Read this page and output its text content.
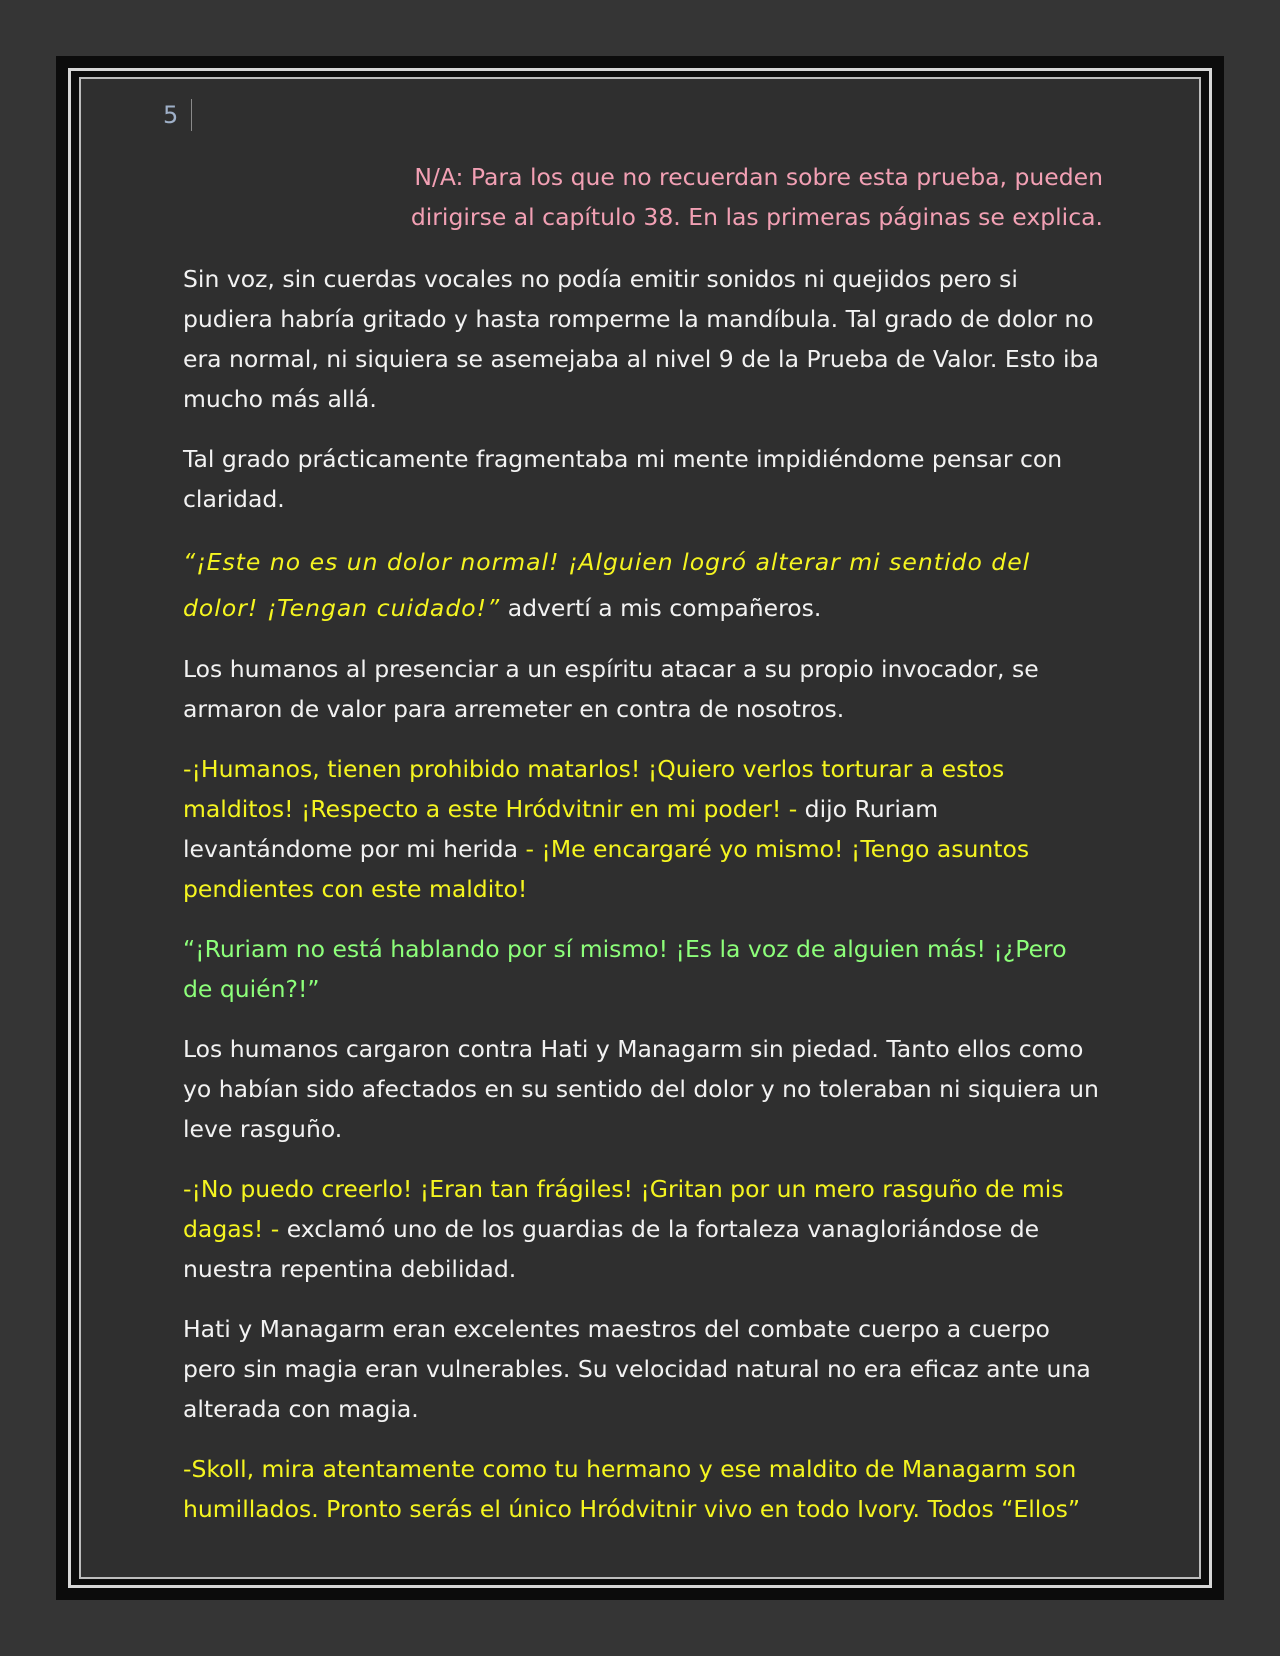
5

N/A: Para los que no recuerdan sobre esta prueba, pueden
dirigirse al capítulo 38. En las primeras páginas se explica.

Sin voz, sin cuerdas vocales no podía emitir sonidos ni quejidos pero si pudiera habría gritado y hasta romperme la mandíbula. Tal grado de dolor no era normal, ni siquiera se asemejaba al nivel 9 de la Prueba de Valor. Esto iba mucho más allá.

Tal grado prácticamente fragmentaba mi mente impidiéndome pensar con claridad.

“¡Este no es un dolor normal! ¡Alguien logró alterar mi sentido del dolor! ¡Tengan cuidado!” advertí a mis compañeros.

Los humanos al presenciar a un espíritu atacar a su propio invocador, se armaron de valor para arremeter en contra de nosotros.

-¡Humanos, tienen prohibido matarlos! ¡Quiero verlos torturar a estos malditos! ¡Respecto a este Hródvitnir en mi poder! - dijo Ruriam levantándome por mi herida - ¡Me encargaré yo mismo! ¡Tengo asuntos pendientes con este maldito!

“¡Ruriam no está hablando por sí mismo! ¡Es la voz de alguien más! ¡¿Pero de quién?!”

Los humanos cargaron contra Hati y Managarm sin piedad. Tanto ellos como yo habían sido afectados en su sentido del dolor y no toleraban ni siquiera un leve rasguño.

-¡No puedo creerlo! ¡Eran tan frágiles! ¡Gritan por un mero rasguño de mis dagas! - exclamó uno de los guardias de la fortaleza vanagloriándose de nuestra repentina debilidad.

Hati y Managarm eran excelentes maestros del combate cuerpo a cuerpo pero sin magia eran vulnerables. Su velocidad natural no era eficaz ante una alterada con magia.

-Skoll, mira atentamente como tu hermano y ese maldito de Managarm son humillados. Pronto serás el único Hródvitnir vivo en todo Ivory. Todos “Ellos”
